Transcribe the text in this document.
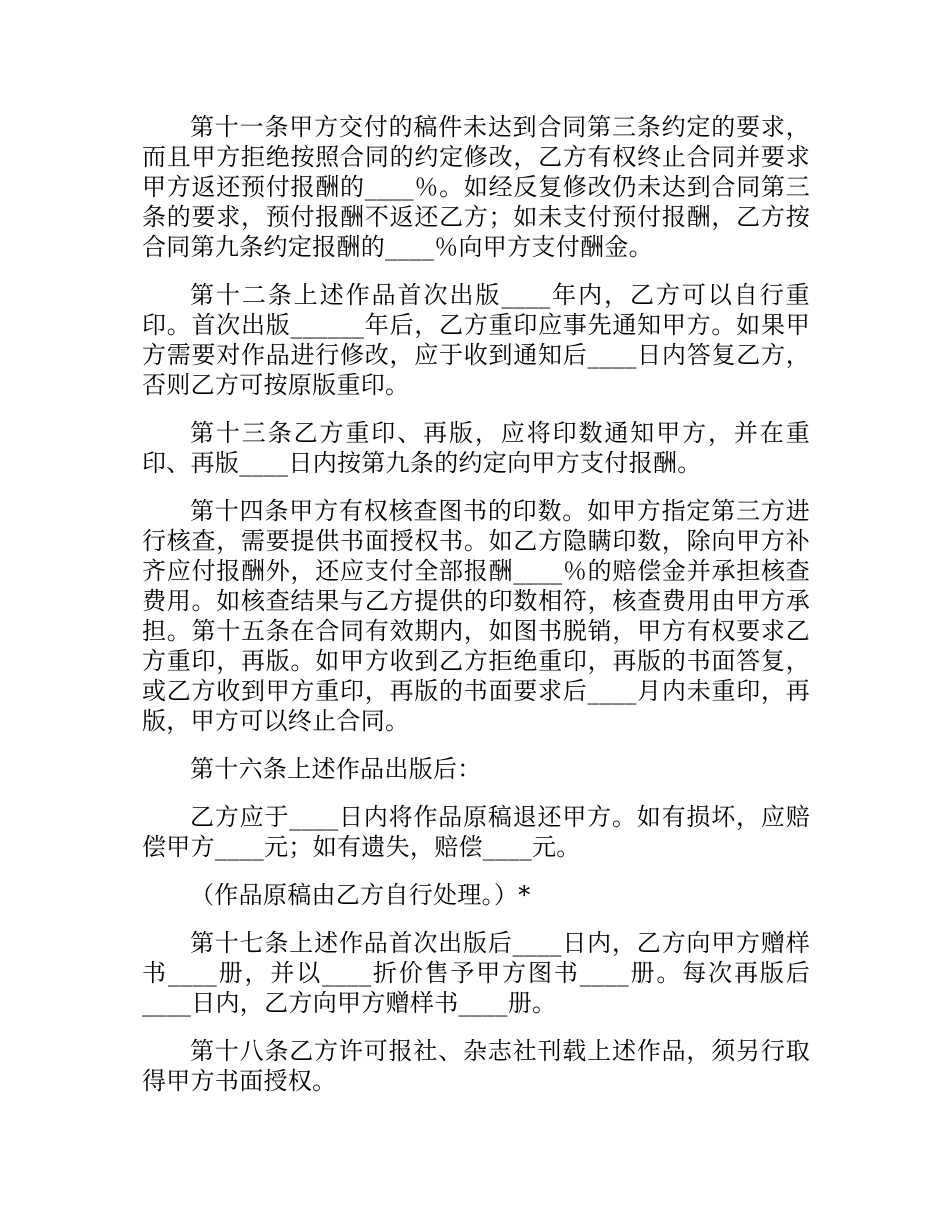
第十一条甲方交付的稿件未达到合同第三条约定的要求，而且甲方拒绝按照合同的约定修改，乙方有权终止合同并要求甲方返还预付报酬的____％。如经反复修改仍未达到合同第三条的要求，预付报酬不返还乙方；如未支付预付报酬，乙方按合同第九条约定报酬的____％向甲方支付酬金。

第十二条上述作品首次出版____年内，乙方可以自行重印。首次出版______年后，乙方重印应事先通知甲方。如果甲方需要对作品进行修改，应于收到通知后____日内答复乙方，否则乙方可按原版重印。

第十三条乙方重印、再版，应将印数通知甲方，并在重印、再版____日内按第九条的约定向甲方支付报酬。

第十四条甲方有权核查图书的印数。如甲方指定第三方进行核查，需要提供书面授权书。如乙方隐瞒印数，除向甲方补齐应付报酬外，还应支付全部报酬____％的赔偿金并承担核查费用。如核查结果与乙方提供的印数相符，核查费用由甲方承担。第十五条在合同有效期内，如图书脱销，甲方有权要求乙方重印，再版。如甲方收到乙方拒绝重印，再版的书面答复，或乙方收到甲方重印，再版的书面要求后____月内未重印，再版，甲方可以终止合同。

第十六条上述作品出版后：

乙方应于____日内将作品原稿退还甲方。如有损坏，应赔偿甲方____元；如有遗失，赔偿____元。

（作品原稿由乙方自行处理。）*

第十七条上述作品首次出版后____日内，乙方向甲方赠样书____册，并以____折价售予甲方图书____册。每次再版后____日内，乙方向甲方赠样书____册。

第十八条乙方许可报社、杂志社刊载上述作品，须另行取得甲方书面授权。
